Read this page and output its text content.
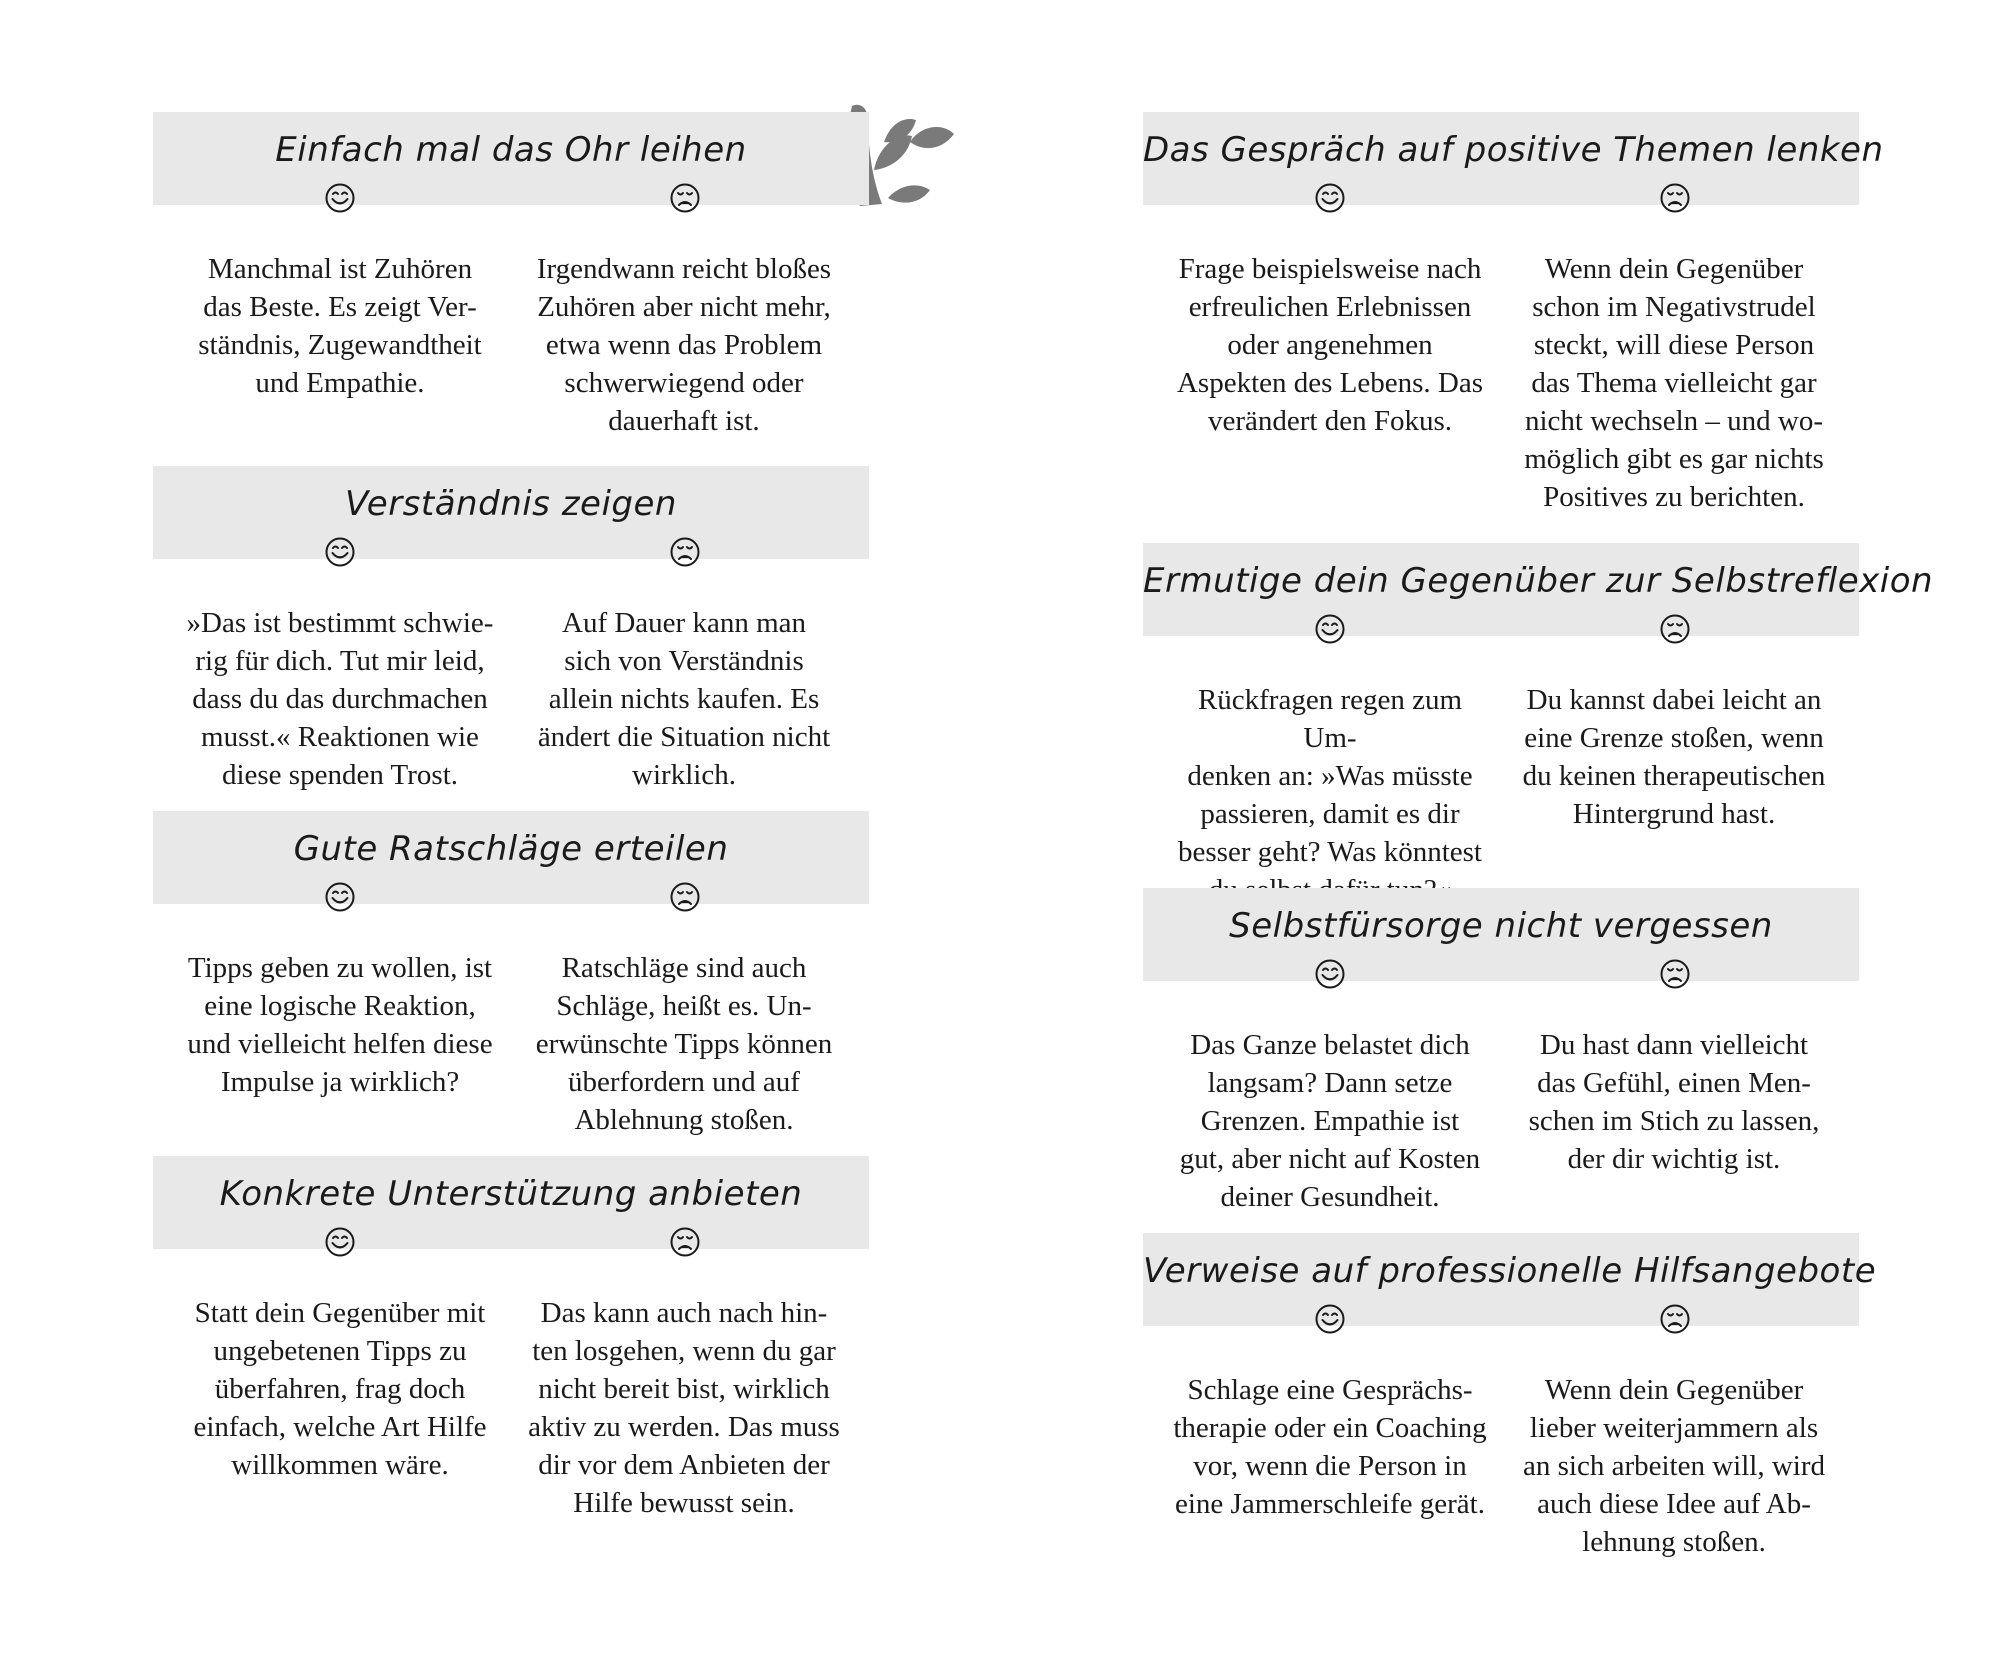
Einfach mal das Ohr leihen
Manchmal ist Zuhören
das Beste. Es zeigt Ver-
ständnis, Zugewandtheit
und Empathie.
Irgendwann reicht bloßes
Zuhören aber nicht mehr,
etwa wenn das Problem
schwerwiegend oder
dauerhaft ist.
Verständnis zeigen
»Das ist bestimmt schwie-
rig für dich. Tut mir leid,
dass du das durchmachen
musst.« Reaktionen wie
diese spenden Trost.
Auf Dauer kann man
sich von Verständnis
allein nichts kaufen. Es
ändert die Situation nicht
wirklich.
Gute Ratschläge erteilen
Tipps geben zu wollen, ist
eine logische Reaktion,
und vielleicht helfen diese
Impulse ja wirklich?
Ratschläge sind auch
Schläge, heißt es. Un-
erwünschte Tipps können
überfordern und auf
Ablehnung stoßen.
Konkrete Unterstützung anbieten
Statt dein Gegenüber mit
ungebetenen Tipps zu
überfahren, frag doch
einfach, welche Art Hilfe
willkommen wäre.
Das kann auch nach hin-
ten losgehen, wenn du gar
nicht bereit bist, wirklich
aktiv zu werden. Das muss
dir vor dem Anbieten der
Hilfe bewusst sein.
Das Gespräch auf positive Themen lenken
Frage beispielsweise nach
erfreulichen Erlebnissen
oder angenehmen
Aspekten des Lebens. Das
verändert den Fokus.
Wenn dein Gegenüber
schon im Negativstrudel
steckt, will diese Person
das Thema vielleicht gar
nicht wechseln – und wo-
möglich gibt es gar nichts
Positives zu berichten.
Ermutige dein Gegenüber zur Selbstreflexion
Rückfragen regen zum Um-
denken an: »Was müsste
passieren, damit es dir
besser geht? Was könntest

Du kannst dabei leicht an
eine Grenze stoßen, wenn
du keinen therapeutischen
Hintergrund hast.
Selbstfürsorge nicht vergessen
Das Ganze belastet dich
langsam? Dann setze
Grenzen. Empathie ist
gut, aber nicht auf Kosten
deiner Gesundheit.
Du hast dann vielleicht
das Gefühl, einen Men-
schen im Stich zu lassen,
der dir wichtig ist.
Verweise auf professionelle Hilfsangebote
Schlage eine Gesprächs-
therapie oder ein Coaching
vor, wenn die Person in
eine Jammerschleife gerät.
Wenn dein Gegenüber
lieber weiterjammern als
an sich arbeiten will, wird
auch diese Idee auf Ab-
lehnung stoßen.
